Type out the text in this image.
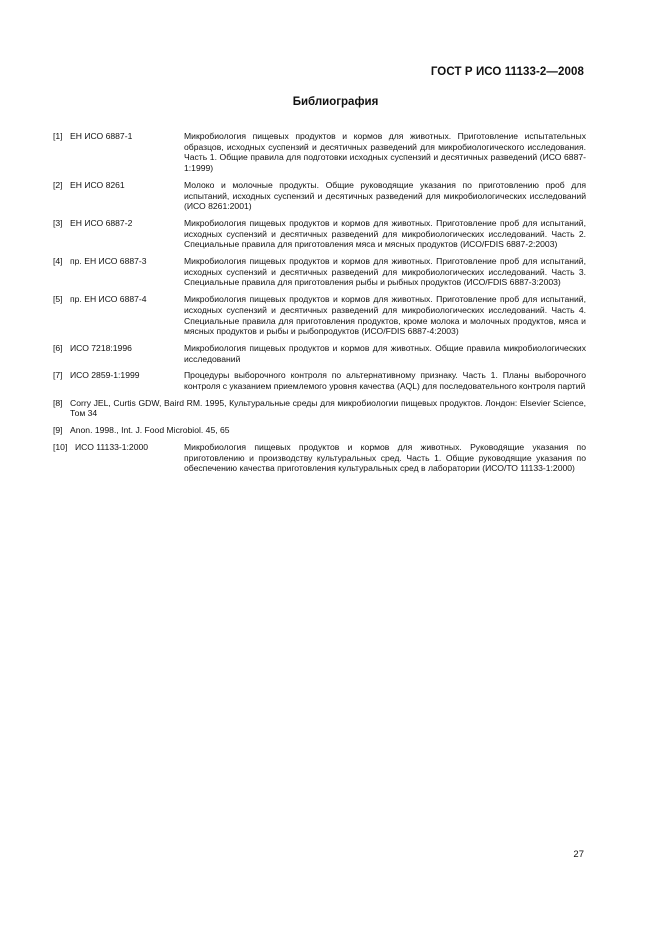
ГОСТ Р ИСО 11133-2—2008
Библиография
[1] ЕН ИСО 6887-1	Микробиология пищевых продуктов и кормов для животных. Приготовление испытательных образцов, исходных суспензий и десятичных разведений для микробиологического исследования. Часть 1. Общие правила для подготовки исходных суспензий и десятичных разведений (ИСО 6887-1:1999)
[2] ЕН ИСО 8261	Молоко и молочные продукты. Общие руководящие указания по приготовлению проб для испытаний, исходных суспензий и десятичных разведений для микробиологических исследований (ИСО 8261:2001)
[3] ЕН ИСО 6887-2	Микробиология пищевых продуктов и кормов для животных. Приготовление проб для испытаний, исходных суспензий и десятичных разведений для микробиологических исследований. Часть 2. Специальные правила для приготовления мяса и мясных продуктов (ИСО/FDIS 6887-2:2003)
[4] пр. ЕН ИСО 6887-3	Микробиология пищевых продуктов и кормов для животных. Приготовление проб для испытаний, исходных суспензий и десятичных разведений для микробиологических исследований. Часть 3. Специальные правила для приготовления рыбы и рыбных продуктов (ИСО/FDIS 6887-3:2003)
[5] пр. ЕН ИСО 6887-4	Микробиология пищевых продуктов и кормов для животных. Приготовление проб для испытаний, исходных суспензий и десятичных разведений для микробиологических исследований. Часть 4. Специальные правила для приготовления продуктов, кроме молока и молочных продуктов, мяса и мясных продуктов и рыбы и рыбопродуктов (ИСО/FDIS 6887-4:2003)
[6] ИСО 7218:1996	Микробиология пищевых продуктов и кормов для животных. Общие правила микробиологических исследований
[7] ИСО 2859-1:1999	Процедуры выборочного контроля по альтернативному признаку. Часть 1. Планы выборочного контроля с указанием приемлемого уровня качества (AQL) для последовательного контроля партий
[8] Corry JEL, Curtis GDW, Baird RM. 1995, Культуральные среды для микробиологии пищевых продуктов. Лондон: Elsevier Science, Том 34
[9] Anon. 1998., Int. J. Food Microbiol. 45, 65
[10] ИСО 11133-1:2000	Микробиология пищевых продуктов и кормов для животных. Руководящие указания по приготовлению и производству культуральных сред. Часть 1. Общие руководящие указания по обеспечению качества приготовления культуральных сред в лаборатории (ИСО/ТО 11133-1:2000)
27
